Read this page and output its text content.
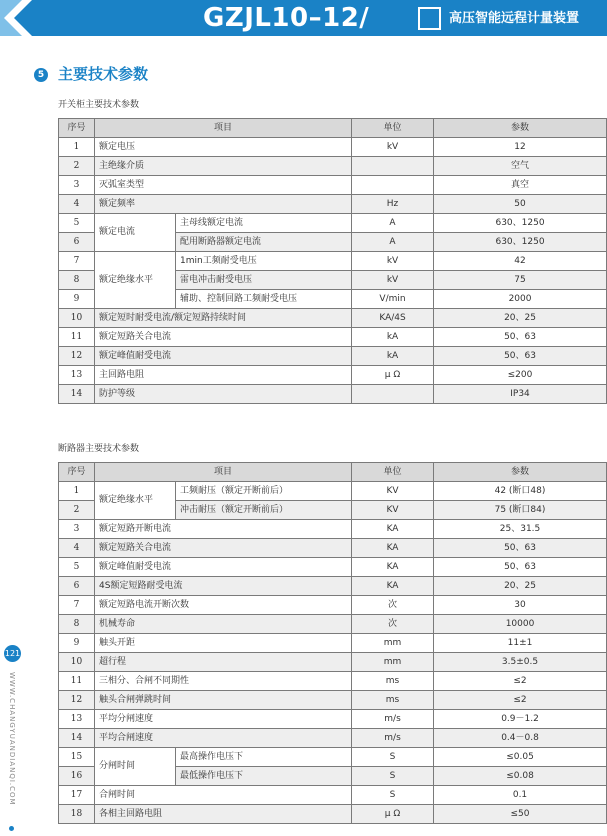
GZJL10–12/	高压智能远程计量装置
5 主要技术参数
开关柜主要技术参数
序号	项目		单位	参数
1	额定电压		kV	12
2	主绝缘介质			空气
3	灭弧室类型			真空
4	额定频率		Hz	50
5	额定电流	主母线额定电流	A	630、1250
6		配用断路器额定电流	A	630、1250
7	额定绝缘水平	1min工频耐受电压	kV	42
8		雷电冲击耐受电压	kV	75
9		辅助、控制回路工频耐受电压	V/min	2000
10	额定短时耐受电流/额定短路持续时间		KA/4S	20、25
11	额定短路关合电流		kA	50、63
12	额定峰值耐受电流		kA	50、63
13	主回路电阻		μ Ω	≤200
14	防护等级			IP34
断路器主要技术参数
序号	项目		单位	参数
1	额定绝缘水平	工频耐压（额定开断前后）	KV	42 (断口48)
2		冲击耐压（额定开断前后）	KV	75 (断口84)
3	额定短路开断电流		KA	25、31.5
4	额定短路关合电流		KA	50、63
5	额定峰值耐受电流		KA	50、63
6	4S额定短路耐受电流		KA	20、25
7	额定短路电流开断次数		次	30
8	机械寿命		次	10000
9	触头开距		mm	11±1
10	超行程		mm	3.5±0.5
11	三相分、合闸不同期性		ms	≤2
12	触头合闸弹跳时间		ms	≤2
13	平均分闸速度		m/s	0.9－1.2
14	平均合闸速度		m/s	0.4－0.8
15	分闸时间	最高操作电压下	S	≤0.05
16		最低操作电压下	S	≤0.08
17	合闸时间		S	0.1
18	各相主回路电阻		μ Ω	≤50
121
WWW.CHANGYUANDIANQI.COM
